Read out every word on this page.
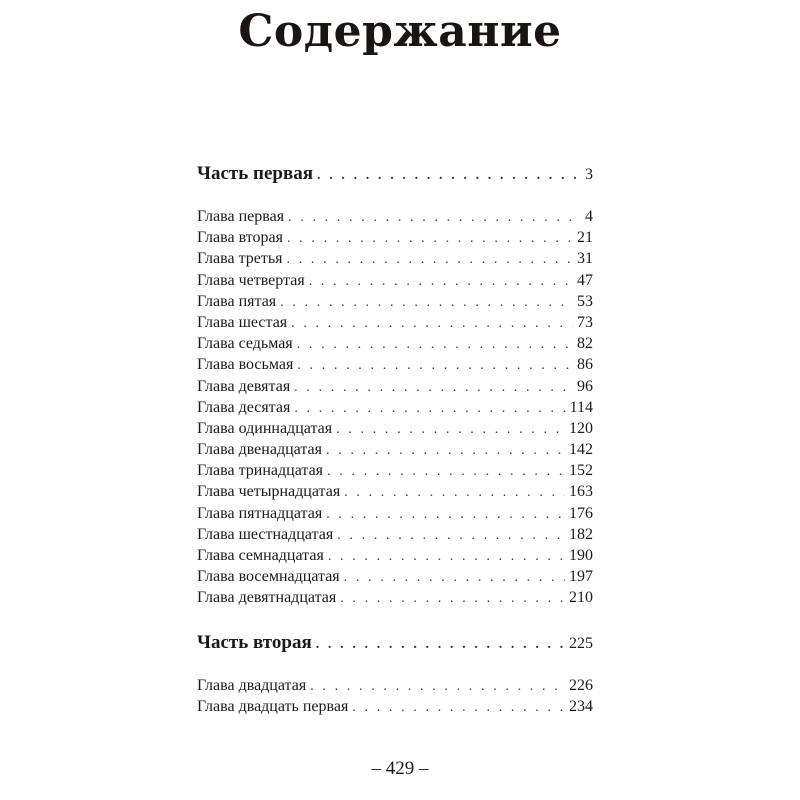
Содержание
Часть первая . . .	3
Глава первая . . .	4
Глава вторая . . .	21
Глава третья . . .	31
Глава четвертая . . .	47
Глава пятая . . .	53
Глава шестая . . .	73
Глава седьмая . . .	82
Глава восьмая . . .	86
Глава девятая . . .	96
Глава десятая . . .	114
Глава одиннадцатая . . .	120
Глава двенадцатая . . .	142
Глава тринадцатая . . .	152
Глава четырнадцатая . . .	163
Глава пятнадцатая . . .	176
Глава шестнадцатая . . .	182
Глава семнадцатая . . .	190
Глава восемнадцатая . . .	197
Глава девятнадцатая . . .	210
Часть вторая . . .	225
Глава двадцатая . . .	226
Глава двадцать первая . . .	234
– 429 –
